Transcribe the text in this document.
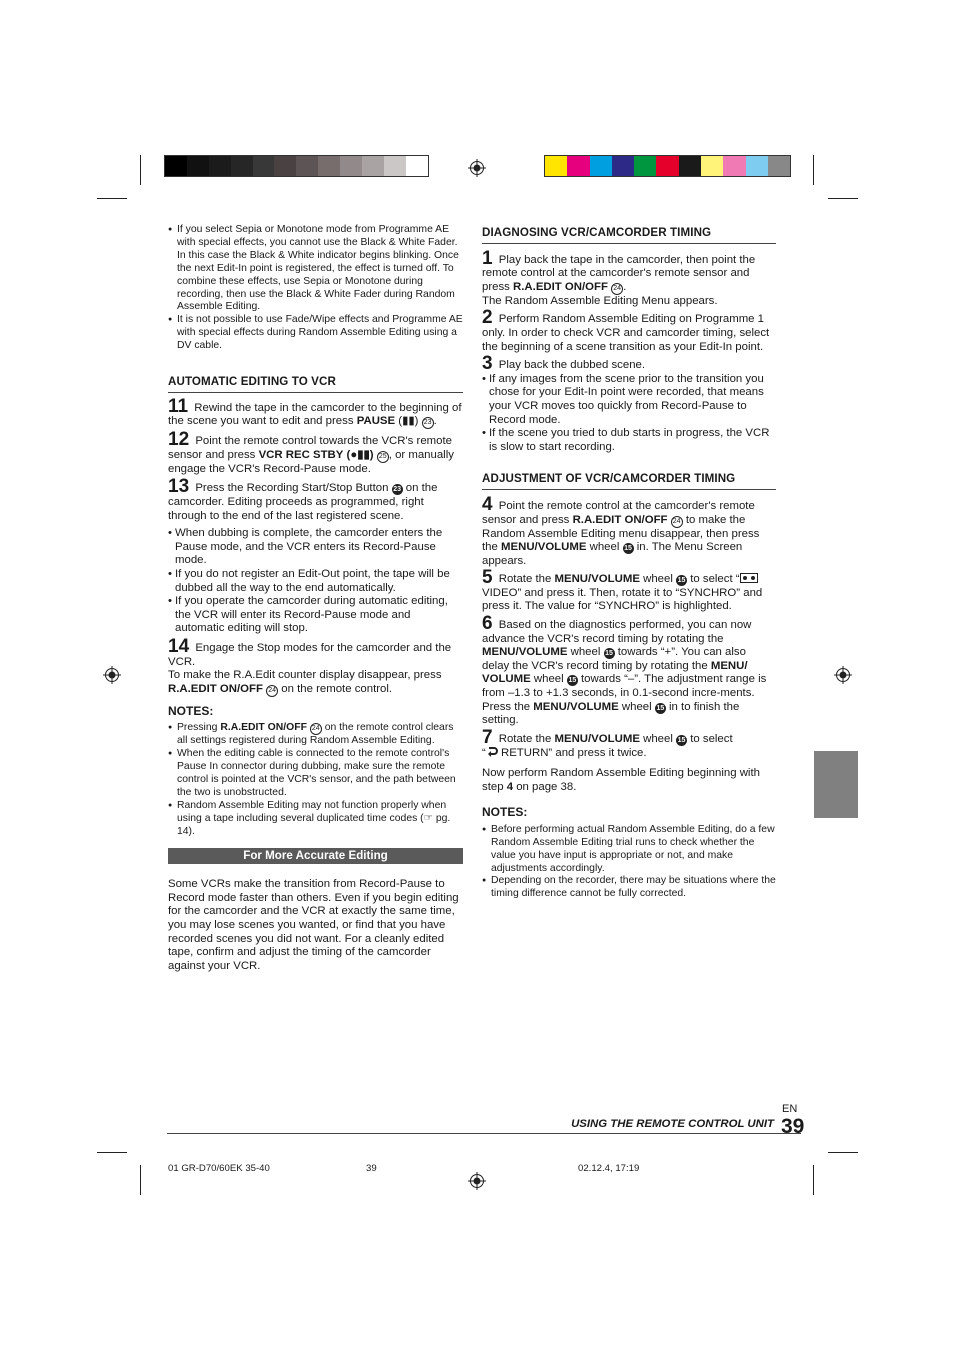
● If you select Sepia or Monotone mode from Programme AE with special effects, you cannot use the Black & White Fader. In this case the Black & White indicator begins blinking. Once the next Edit-In point is registered, the effect is turned off. To combine these effects, use Sepia or Monotone during recording, then use the Black & White Fader during Random Assemble Editing.
● It is not possible to use Fade/Wipe effects and Programme AE with special effects during Random Assemble Editing using a DV cable.
AUTOMATIC EDITING TO VCR

11 Rewind the tape in the camcorder to the beginning of the scene you want to edit and press PAUSE (▮▮) 23 .

12 Point the remote control towards the VCR's remote sensor and press VCR REC STBY (●▮▮) 25 , or manually engage the VCR's Record-Pause mode.

13 Press the Recording Start/Stop Button 23 on the camcorder. Editing proceeds as programmed, right through to the end of the last registered scene.

• When dubbing is complete, the camcorder enters the Pause mode, and the VCR enters its Record-Pause mode.
• If you do not register an Edit-Out point, the tape will be dubbed all the way to the end automatically.
• If you operate the camcorder during automatic editing, the VCR will enter its Record-Pause mode and automatic editing will stop.

14 Engage the Stop modes for the camcorder and the VCR.
To make the R.A.Edit counter display disappear, press R.A.EDIT ON/OFF 24 on the remote control.

NOTES:
● Pressing R.A.EDIT ON/OFF 24 on the remote control clears all settings registered during Random Assemble Editing.
● When the editing cable is connected to the remote control's Pause In connector during dubbing, make sure the remote control is pointed at the VCR's sensor, and the path between the two is unobstructed.
● Random Assemble Editing may not function properly when using a tape including several duplicated time codes (☞ pg. 14).
For More Accurate Editing

Some VCRs make the transition from Record-Pause to Record mode faster than others. Even if you begin editing for the camcorder and the VCR at exactly the same time, you may lose scenes you wanted, or find that you have recorded scenes you did not want. For a cleanly edited tape, confirm and adjust the timing of the camcorder against your VCR.

DIAGNOSING VCR/CAMCORDER TIMING

1 Play back the tape in the camcorder, then point the remote control at the camcorder's remote sensor and press R.A.EDIT ON/OFF 24 .
The Random Assemble Editing Menu appears.

2 Perform Random Assemble Editing on Programme 1 only. In order to check VCR and camcorder timing, select the beginning of a scene transition as your Edit-In point.

3 Play back the dubbed scene.

• If any images from the scene prior to the transition you chose for your Edit-In point were recorded, that means your VCR moves too quickly from Record-Pause to Record mode.
• If the scene you tried to dub starts in progress, the VCR is slow to start recording.
ADJUSTMENT OF VCR/CAMCORDER TIMING

4 Point the remote control at the camcorder's remote sensor and press R.A.EDIT ON/OFF 24 to make the Random Assemble Editing menu disappear, then press the MENU/VOLUME wheel 15 in. The Menu Screen appears.

5 Rotate the MENU/VOLUME wheel 15 to select “ VIDEO” and press it. Then, rotate it to “SYNCHRO” and press it. The value for “SYNCHRO” is highlighted.

6 Based on the diagnostics performed, you can now advance the VCR's record timing by rotating the MENU/VOLUME wheel 15 towards “+”. You can also delay the VCR's record timing by rotating the MENU/ VOLUME wheel 15 towards “–”. The adjustment range is from –1.3 to +1.3 seconds, in 0.1-second incre-ments. Press the MENU/VOLUME wheel 15 in to finish the setting.

7 Rotate the MENU/VOLUME wheel 15 to select
“ RETURN” and press it twice.

Now perform Random Assemble Editing beginning with step 4 on page 38.

NOTES:
● Before performing actual Random Assemble Editing, do a few Random Assemble Editing trial runs to check whether the value you have input is appropriate or not, and make adjustments accordingly.
● Depending on the recorder, there may be situations where the timing difference cannot be fully corrected.
EN
USING THE REMOTE CONTROL UNIT 39
01 GR-D70/60EK 35-40	39	02.12.4, 17:19
